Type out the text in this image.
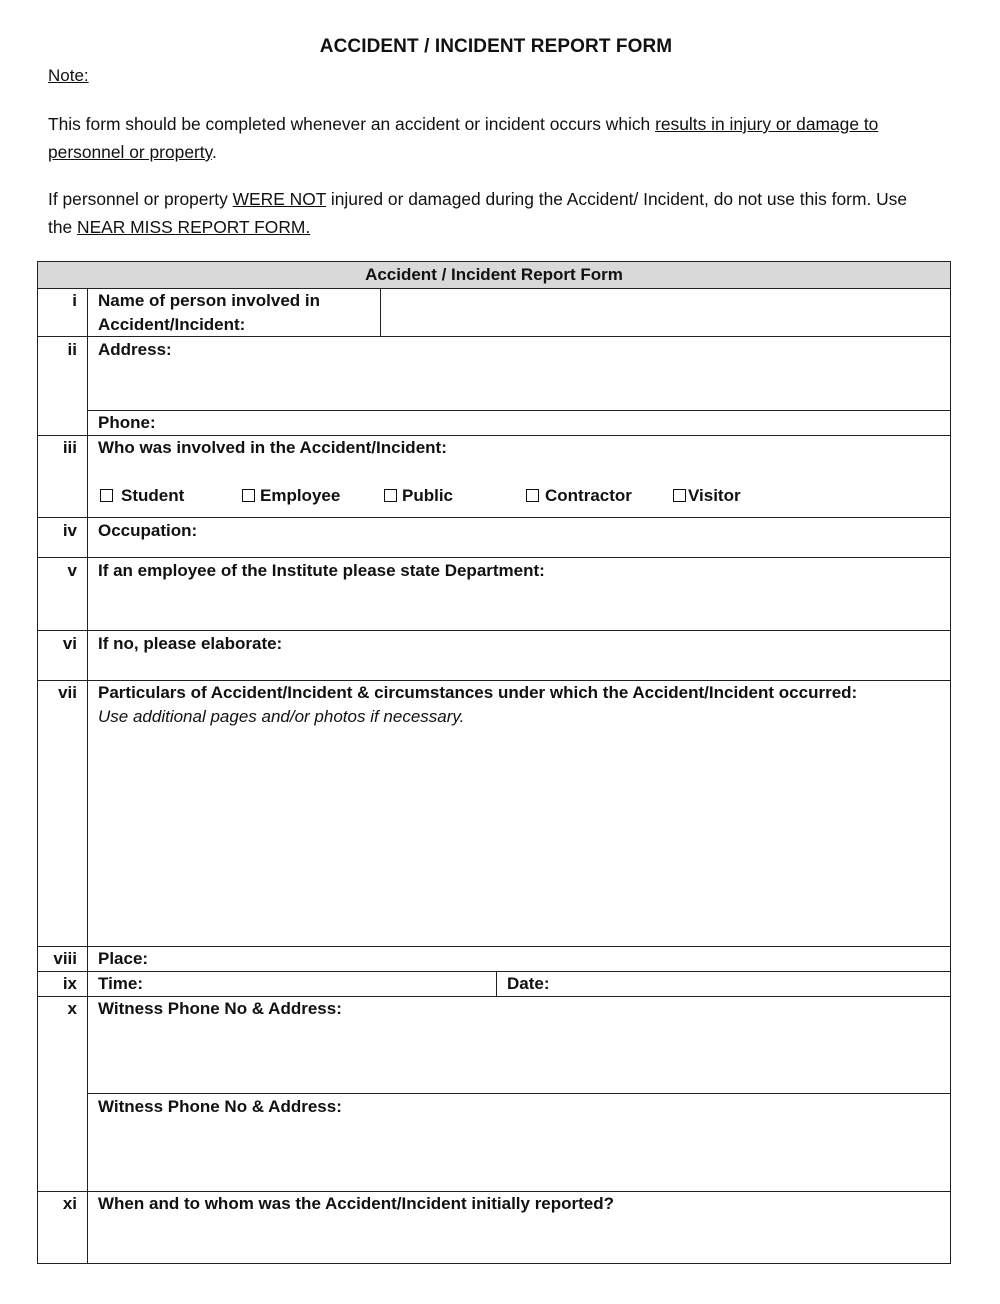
ACCIDENT / INCIDENT REPORT FORM
Note:
This form should be completed whenever an accident or incident occurs which results in injury or damage to personnel or property.
If personnel or property WERE NOT injured or damaged during the Accident/ Incident, do not use this form. Use the NEAR MISS REPORT FORM.
Accident / Incident Report Form
i Name of person involved in
Accident/Incident:
ii Address:
Phone:
iii Who was involved in the Accident/Incident:
Student	Employee	Public	Contractor	Visitor
iv Occupation:
v If an employee of the Institute please state Department:
vi If no, please elaborate:
vii Particulars of Accident/Incident & circumstances under which the Accident/Incident occurred:
Use additional pages and/or photos if necessary.
viii Place:
ix Time:	Date:
x Witness Phone No & Address:
Witness Phone No & Address:
xi When and to whom was the Accident/Incident initially reported?
